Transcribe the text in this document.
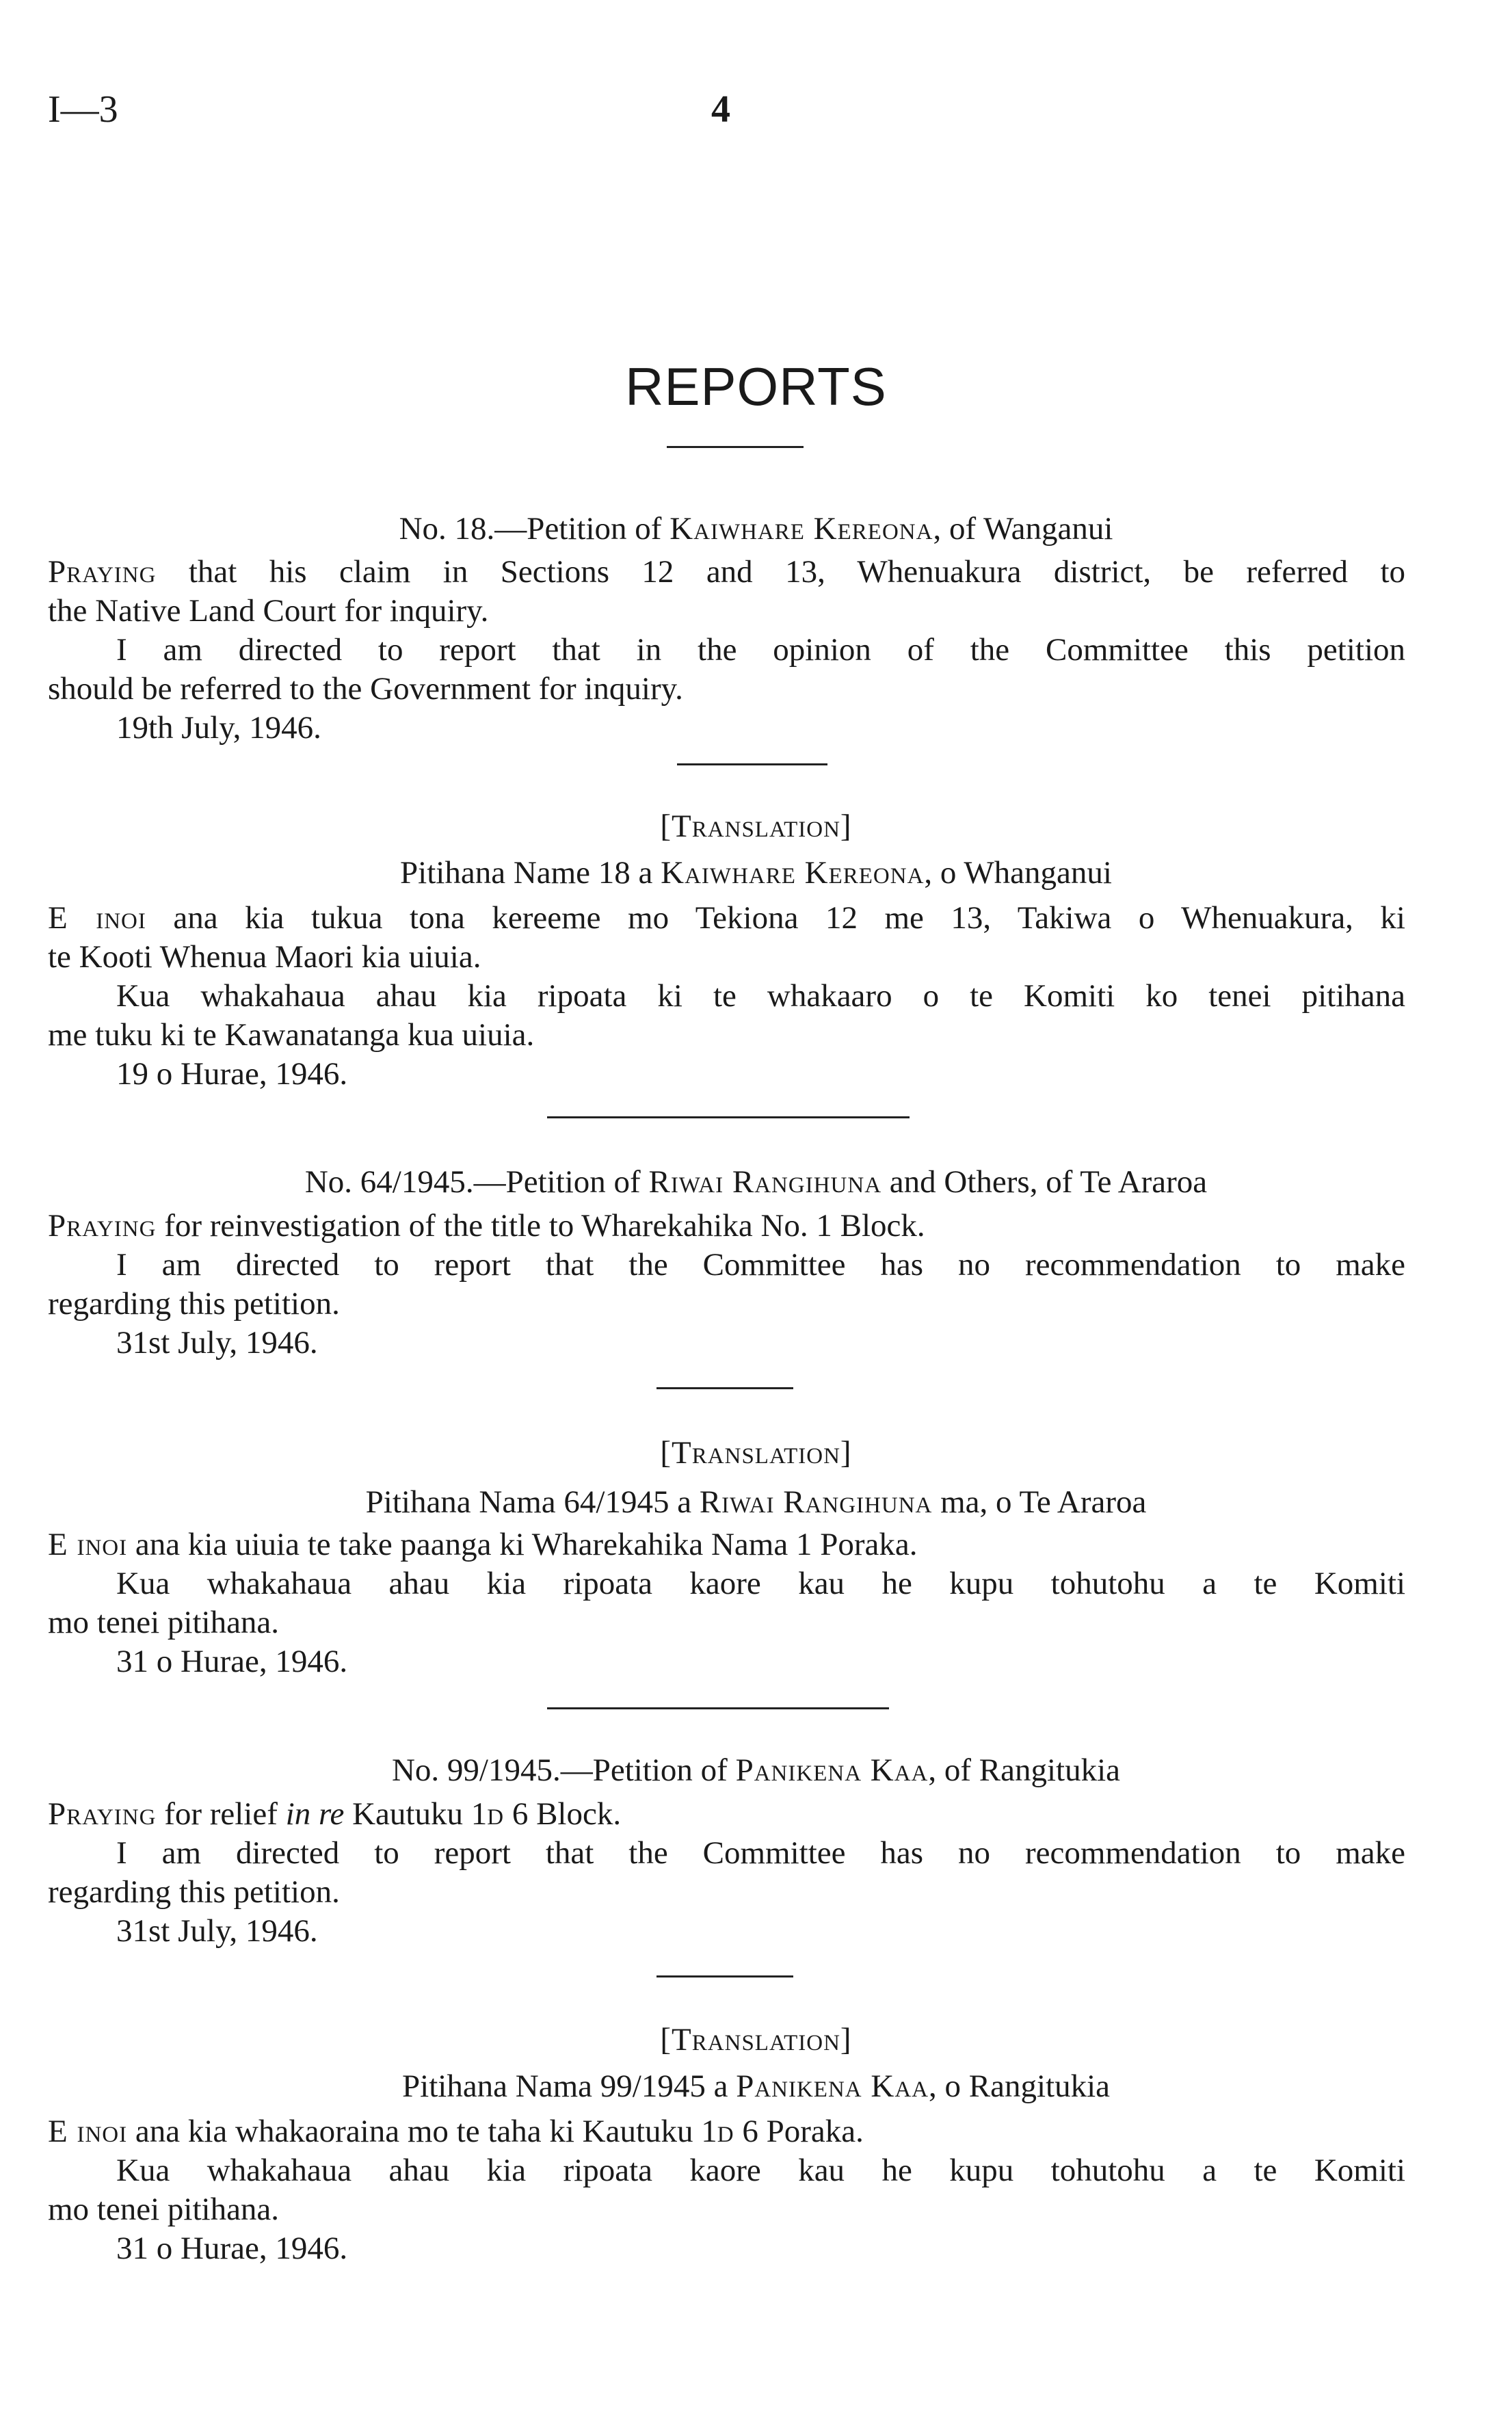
I—3	4
REPORTS
No. 18.—Petition of Kaiwhare Kereona, of Wanganui
Praying that his claim in Sections 12 and 13, Whenuakura district, be referred to
the Native Land Court for inquiry.
I am directed to report that in the opinion of the Committee this petition
should be referred to the Government for inquiry.
19th July, 1946.
[Translation]
Pitihana Name 18 a Kaiwhare Kereona, o Whanganui
E inoi ana kia tukua tona kereeme mo Tekiona 12 me 13, Takiwa o Whenuakura, ki
te Kooti Whenua Maori kia uiuia.
Kua whakahaua ahau kia ripoata ki te whakaaro o te Komiti ko tenei pitihana
me tuku ki te Kawanatanga kua uiuia.
19 o Hurae, 1946.
No. 64/1945.—Petition of Riwai Rangihuna and Others, of Te Araroa
Praying for reinvestigation of the title to Wharekahika No. 1 Block.
I am directed to report that the Committee has no recommendation to make
regarding this petition.
31st July, 1946.
[Translation]
Pitihana Nama 64/1945 a Riwai Rangihuna ma, o Te Araroa
E inoi ana kia uiuia te take paanga ki Wharekahika Nama 1 Poraka.
Kua whakahaua ahau kia ripoata kaore kau he kupu tohutohu a te Komiti
mo tenei pitihana.
31 o Hurae, 1946.
No. 99/1945.—Petition of Panikena Kaa, of Rangitukia
Praying for relief in re Kautuku 1d 6 Block.
I am directed to report that the Committee has no recommendation to make
regarding this petition.
31st July, 1946.
[Translation]
Pitihana Nama 99/1945 a Panikena Kaa, o Rangitukia
E inoi ana kia whakaoraina mo te taha ki Kautuku 1d 6 Poraka.
Kua whakahaua ahau kia ripoata kaore kau he kupu tohutohu a te Komiti
mo tenei pitihana.
31 o Hurae, 1946.
